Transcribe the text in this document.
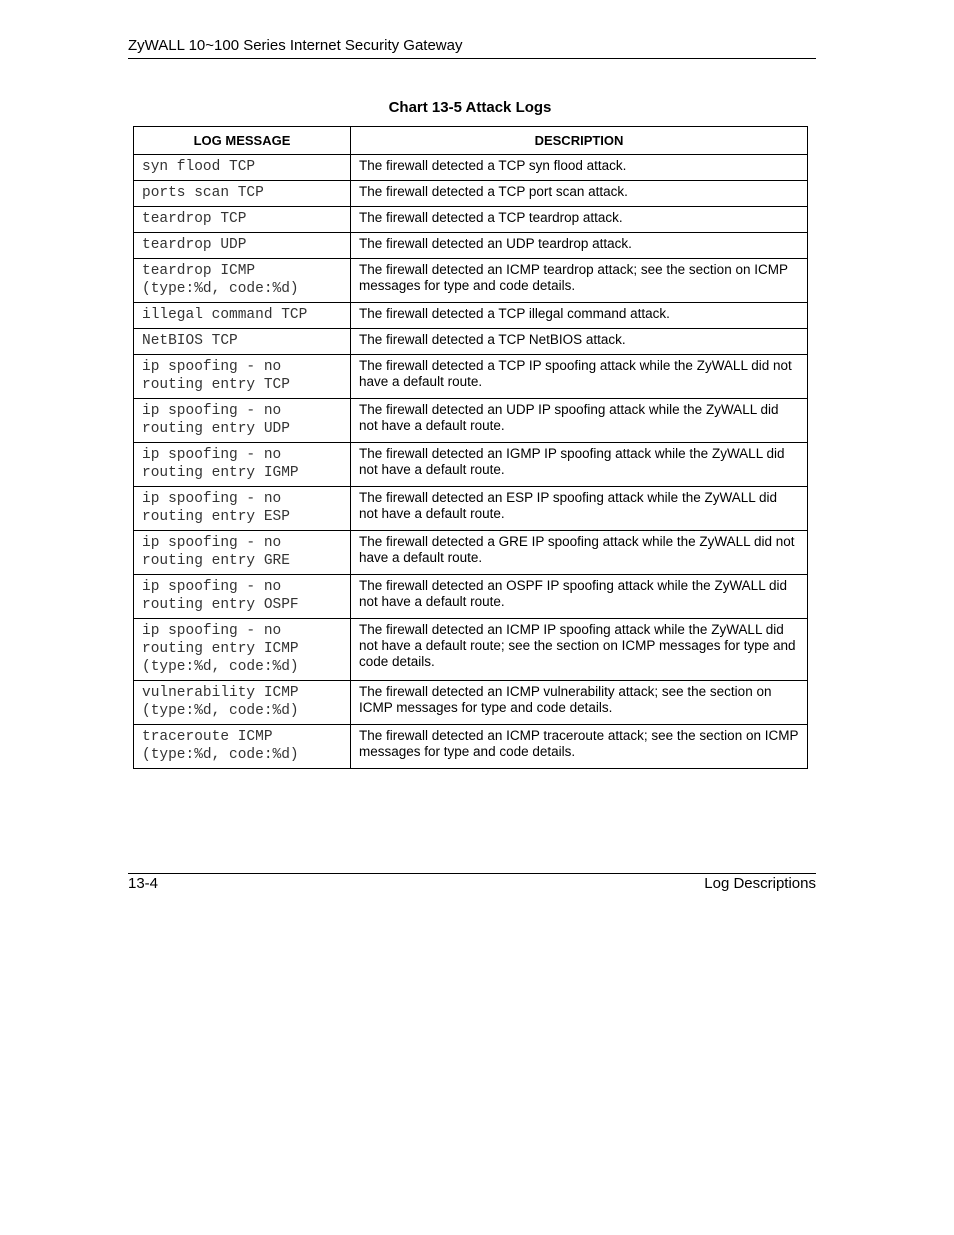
ZyWALL 10~100 Series Internet Security Gateway
Chart 13-5 Attack Logs
LOG MESSAGE	DESCRIPTION
syn flood TCP	The firewall detected a TCP syn flood attack.
ports scan TCP	The firewall detected a TCP port scan attack.
teardrop TCP	The firewall detected a TCP teardrop attack.
teardrop UDP	The firewall detected an UDP teardrop attack.
teardrop ICMP
(type:%d, code:%d)	The firewall detected an ICMP teardrop attack; see the section on ICMP messages for type and code details.
illegal command TCP	The firewall detected a TCP illegal command attack.
NetBIOS TCP	The firewall detected a TCP NetBIOS attack.
ip spoofing - no
routing entry TCP	The firewall detected a TCP IP spoofing attack while the ZyWALL did not have a default route.
ip spoofing - no
routing entry UDP	The firewall detected an UDP IP spoofing attack while the ZyWALL did not have a default route.
ip spoofing - no
routing entry IGMP	The firewall detected an IGMP IP spoofing attack while the ZyWALL did not have a default route.
ip spoofing - no
routing entry ESP	The firewall detected an ESP IP spoofing attack while the ZyWALL did not have a default route.
ip spoofing - no
routing entry GRE	The firewall detected a GRE IP spoofing attack while the ZyWALL did not have a default route.
ip spoofing - no
routing entry OSPF	The firewall detected an OSPF IP spoofing attack while the ZyWALL did not have a default route.
ip spoofing - no
routing entry ICMP
(type:%d, code:%d)	The firewall detected an ICMP IP spoofing attack while the ZyWALL did not have a default route; see the section on ICMP messages for type and code details.
vulnerability ICMP
(type:%d, code:%d)	The firewall detected an ICMP vulnerability attack; see the section on ICMP messages for type and code details.
traceroute ICMP
(type:%d, code:%d)	The firewall detected an ICMP traceroute attack; see the section on ICMP messages for type and code details.
13-4	Log Descriptions
